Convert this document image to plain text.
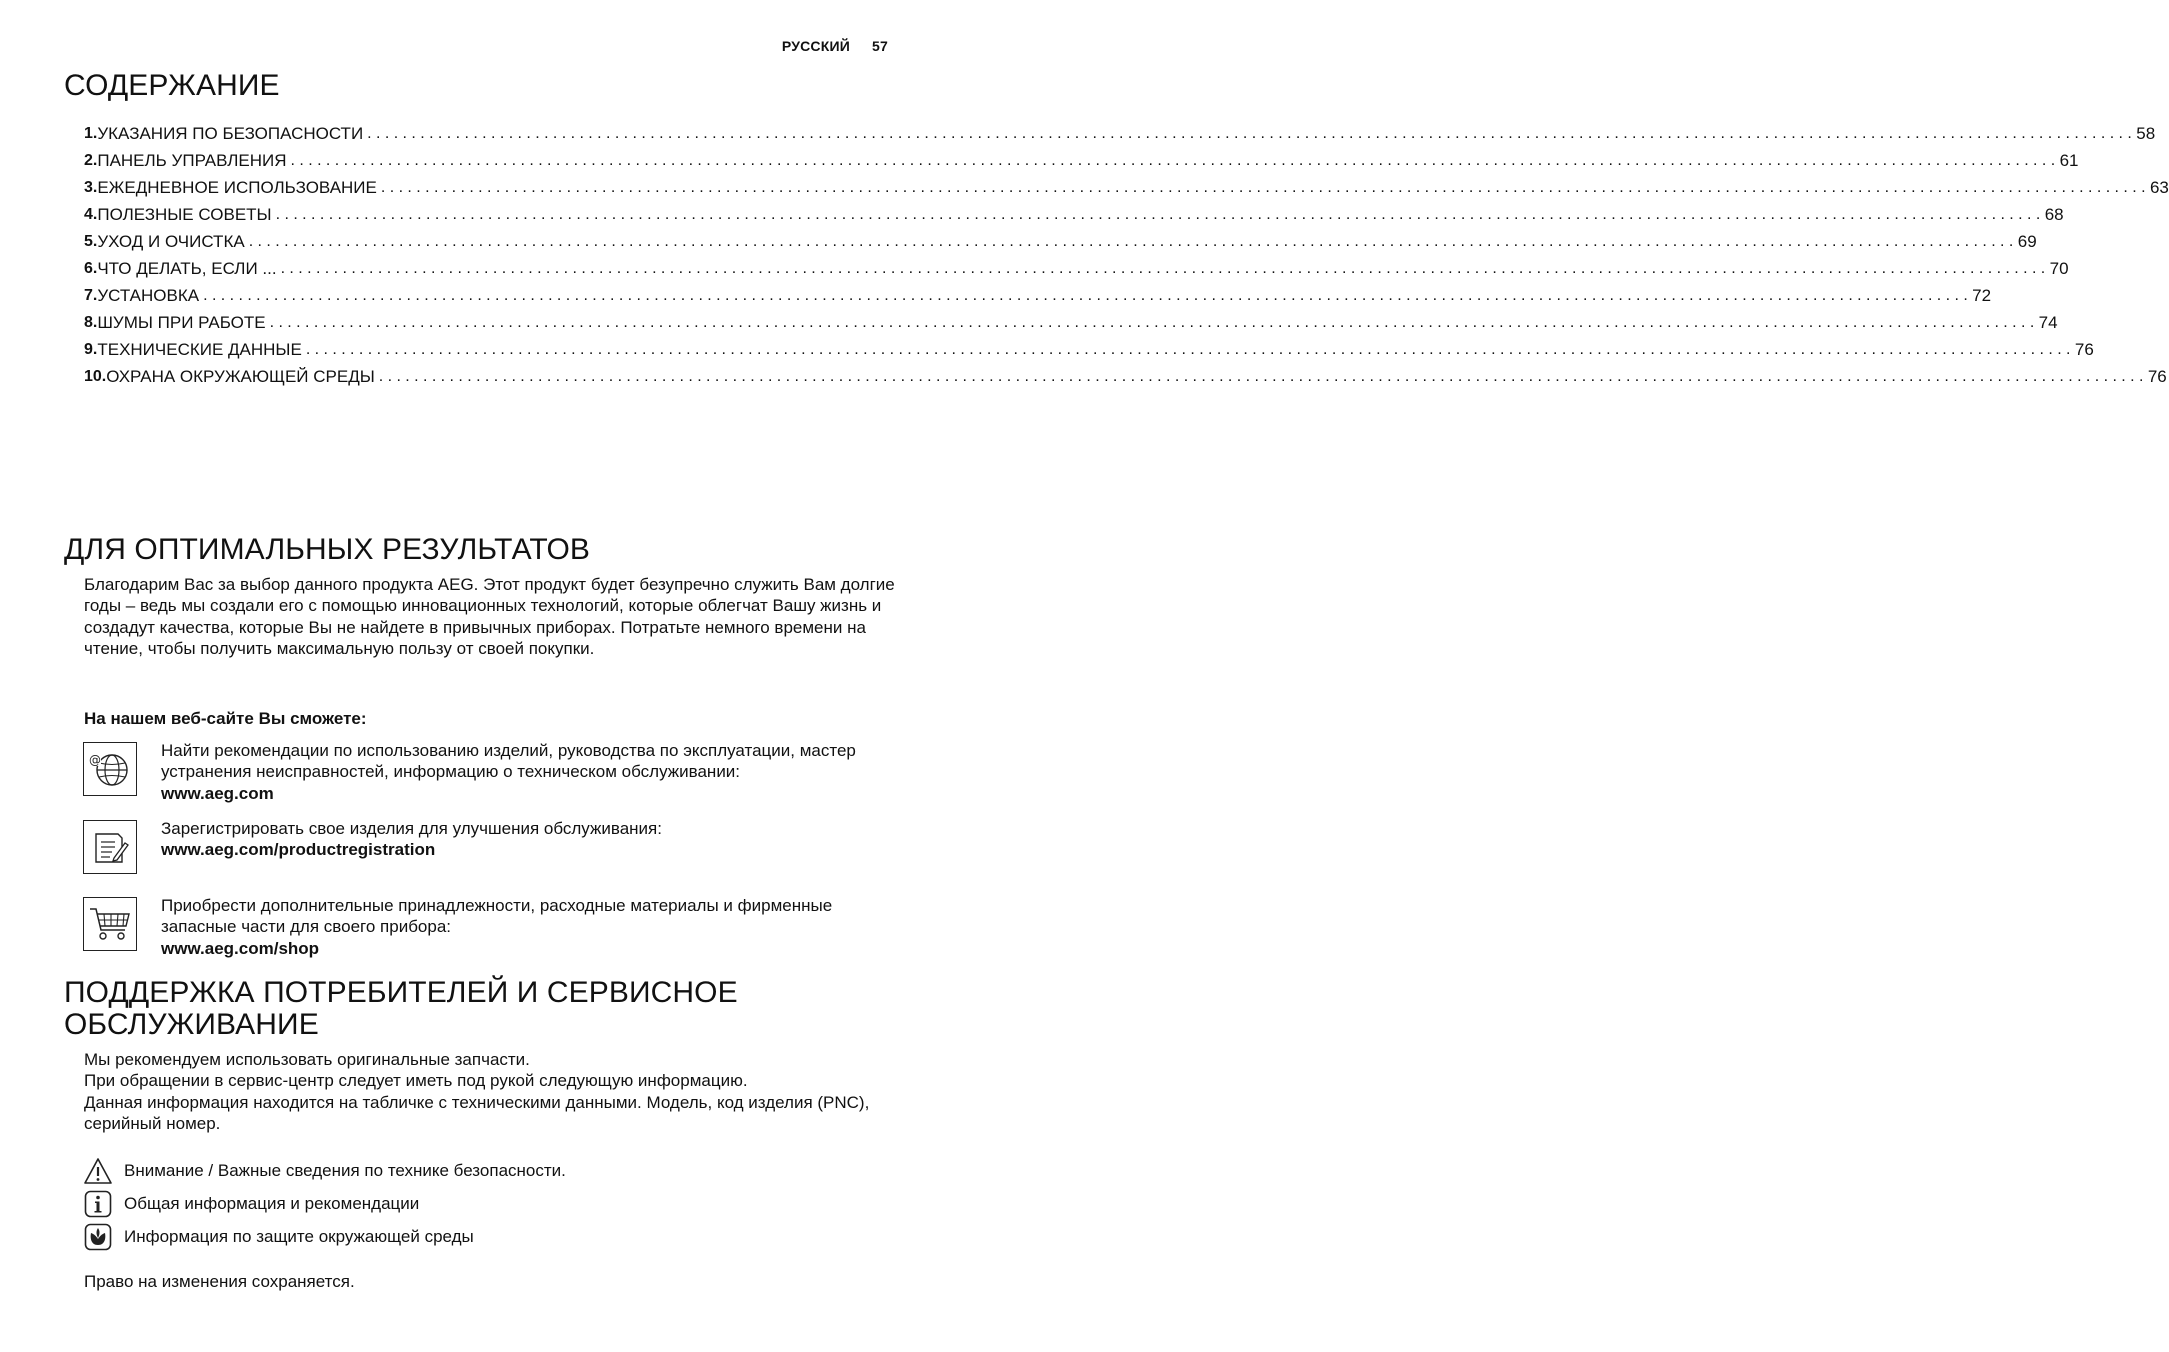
РУССКИЙ 57
СОДЕРЖАНИЕ
1. УКАЗАНИЯ ПО БЕЗОПАСНОСТИ ........................................................................................................................................................................................................ 58
2. ПАНЕЛЬ УПРАВЛЕНИЯ ........................................................................................................................................................................................................ 61
3. ЕЖЕДНЕВНОЕ ИСПОЛЬЗОВАНИЕ ........................................................................................................................................................................................................ 63
4. ПОЛЕЗНЫЕ СОВЕТЫ ........................................................................................................................................................................................................ 68
5. УХОД И ОЧИСТКА ........................................................................................................................................................................................................ 69
6. ЧТО ДЕЛАТЬ, ЕСЛИ ... ........................................................................................................................................................................................................ 70
7. УСТАНОВКА ........................................................................................................................................................................................................ 72
8. ШУМЫ ПРИ РАБОТЕ ........................................................................................................................................................................................................ 74
9. ТЕХНИЧЕСКИЕ ДАННЫЕ ........................................................................................................................................................................................................ 76
10. ОХРАНА ОКРУЖАЮЩЕЙ СРЕДЫ ........................................................................................................................................................................................................ 76
ДЛЯ ОПТИМАЛЬНЫХ РЕЗУЛЬТАТОВ

Благодарим Вас за выбор данного продукта AEG. Этот продукт будет безупречно служить Вам долгие годы – ведь мы создали его с помощью инновационных технологий, которые облегчат Вашу жизнь и создадут качества, которые Вы не найдете в привычных приборах. Потратьте немного времени на чтение, чтобы получить максимальную пользу от своей покупки.

На нашем веб-сайте Вы сможете:

@	Найти рекомендации по использованию изделий, руководства по эксплуатации, мастер устранения неисправностей, информацию о техническом обслуживании:
www.aeg.com
Зарегистрировать свое изделия для улучшения обслуживания:
www.aeg.com/productregistration
Приобрести дополнительные принадлежности, расходные материалы и фирменные запасные части для своего прибора:
www.aeg.com/shop
ПОДДЕРЖКА ПОТРЕБИТЕЛЕЙ И СЕРВИСНОЕ
ОБСЛУЖИВАНИЕ
Мы рекомендуем использовать оригинальные запчасти.
При обращении в сервис-центр следует иметь под рукой следующую информацию.
Данная информация находится на табличке с техническими данными. Модель, код изделия (PNC), серийный номер.
Внимание / Важные сведения по технике безопасности.
Общая информация и рекомендации
Информация по защите окружающей среды

Право на изменения сохраняется.
